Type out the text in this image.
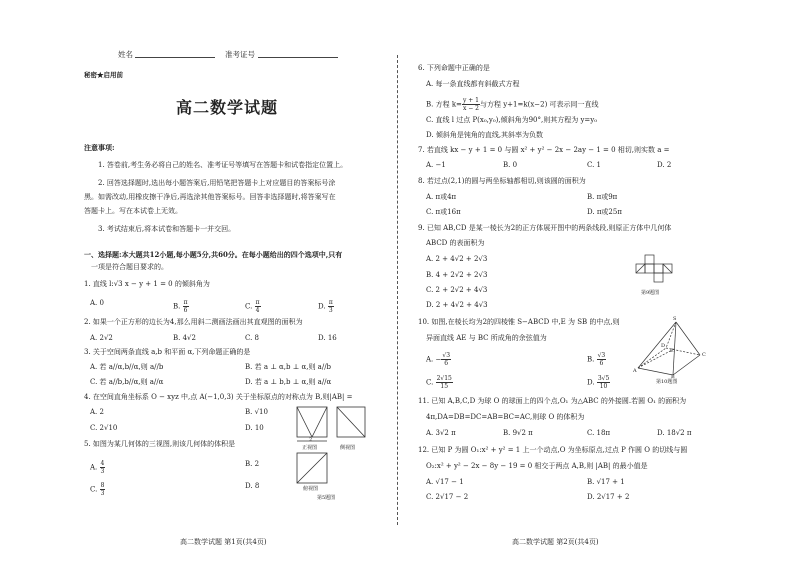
姓名	准考证号
秘密★启用前
高二数学试题
注意事项:
1. 答卷前,考生务必将自己的姓名、准考证号等填写在答题卡和试卷指定位置上。
2. 回答选择题时,选出每小题答案后,用铅笔把答题卡上对应题目的答案标号涂
黑。如需改动,用橡皮擦干净后,再选涂其他答案标号。回答非选择题时,将答案写在
答题卡上。写在本试卷上无效。
3. 考试结束后,将本试卷和答题卡一并交回。
一、选择题:本大题共12小题,每小题5分,共60分。在每小题给出的四个选项中,只有
一项是符合题目要求的。
1. 直线 l:√3 x − y + 1 = 0 的倾斜角为
A. 0	B. $\frac{\pi}{6}$	C. $\frac{\pi}{4}$	D. $\frac{\pi}{3}$
2. 如果一个正方形的边长为4,那么用斜二测画法画出其直观图的面积为
A. 2√2	B. 4√2	C. 8	D. 16
3. 关于空间两条直线 a,b 和平面 α,下列命题正确的是
A. 若 a//α,b//α,则 a//b	B. 若 a ⊥ α,b ⊥ α,则 a//b
C. 若 a//b,b//α,则 a//α	D. 若 a ⊥ b,b ⊥ α,则 a//α
4. 在空间直角坐标系 O − xyz 中,点 A(−1,0,3) 关于坐标原点的对称点为 B,则|AB| =
A. 2	B. √10
C. 2√10	D. 10
5. 如图为某几何体的三视图,则该几何体的体积是
A. $\frac{4}{3}$	B. 2
C. $\frac{8}{3}$	D. 8
2
正视图	侧视图
俯视图
第5题图
高二数学试题 第1页(共4页)
6. 下列命题中正确的是
A. 每一条直线都有斜截式方程
B. 方程 $k= \frac{y + 1}{x - 2}$ 与方程 y+1=k(x−2) 可表示同一直线
C. 直线 l 过点 P(x₀,y₀),倾斜角为90°,则其方程为 y=y₀
D. 倾斜角是钝角的直线,其斜率为负数
7. 若直线 kx − y + 1 = 0 与圆 x² + y² − 2x − 2ay − 1 = 0 相切,则实数 a =
A. −1	B. 0	C. 1	D. 2
8. 若过点(2,1)的圆与两坐标轴都相切,则该圆的面积为
A. π或4π	B. π或9π
C. π或16π	D. π或25π
9. 已知 AB,CD 是某一棱长为2的正方体展开图中的两条线段,则原正方体中几何体
ABCD 的表面积为
A. 2 + 4√2 + 2√3
B. 4 + 2√2 + 2√3
C. 2 + 2√2 + 4√3
D. 2 + 4√2 + 4√3
第9题图
10. 如图,在棱长均为2的四棱锥 S−ABCD 中,E 为 SB 的中点,则
异面直线 AE 与 BC 所成角的余弦值为
A. − $\frac{√3}{6}$	B. $\frac{√3}{6}$
C. $\frac{2√15}{15}$	D. $\frac{3√5}{10}$
S
E
C
D
A
B
第10题图
11. 已知 A,B,C,D 为球 O 的球面上的四个点,O₁ 为△ABC 的外接圆.若圆 O₁ 的面积为
4π,DA=DB=DC=AB=BC=AC,则球 O 的体积为
A. 3√2 π	B. 9√2 π	C. 18π	D. 18√2 π
12. 已知 P 为圆 O₁:x² + y² = 1 上一个动点,O 为坐标原点,过点 P 作圆 O 的切线与圆
O₂:x² + y² − 2x − 8y − 19 = 0 相交于两点 A,B,则 |AB| 的最小值是
A. √17 − 1	B. √17 + 1
C. 2√17 − 2	D. 2√17 + 2
高二数学试题 第2页(共4页)
